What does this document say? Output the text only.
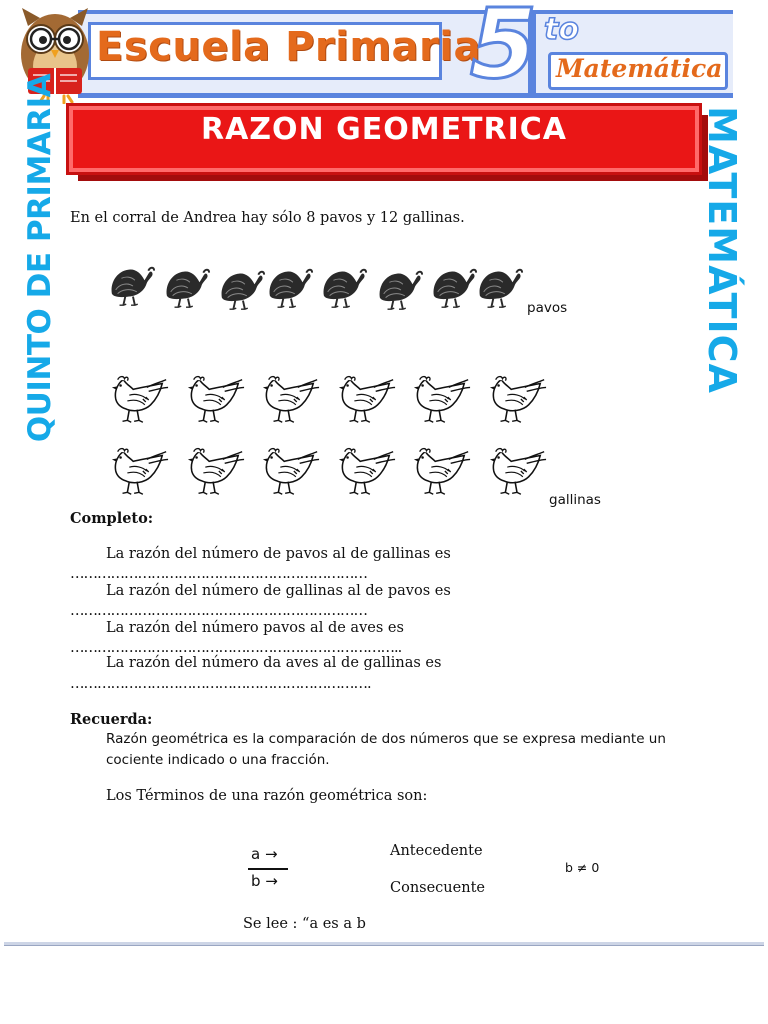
Escuela Primaria
5 to
Matemática
RAZON GEOMETRICA
QUINTO DE PRIMARIA	MATEMÁTICA
En el corral de Andrea hay sólo 8 pavos y 12 gallinas.
pavos
gallinas
Completo:
La razón del número de pavos al de gallinas es
…………………………………………………………
La razón del número de gallinas al de pavos es
…………………………………………………………
La razón del número pavos al de aves es
………………………………………………………………..
La razón del número da aves al de gallinas es
………………………………………………………….
Recuerda:
Razón geométrica es la comparación de dos números que se expresa mediante un
cociente indicado o una fracción.
Los Términos de una razón geométrica son:
a →
b →
Antecedente
Consecuente
b ≠ 0
Se lee : “a es a b
